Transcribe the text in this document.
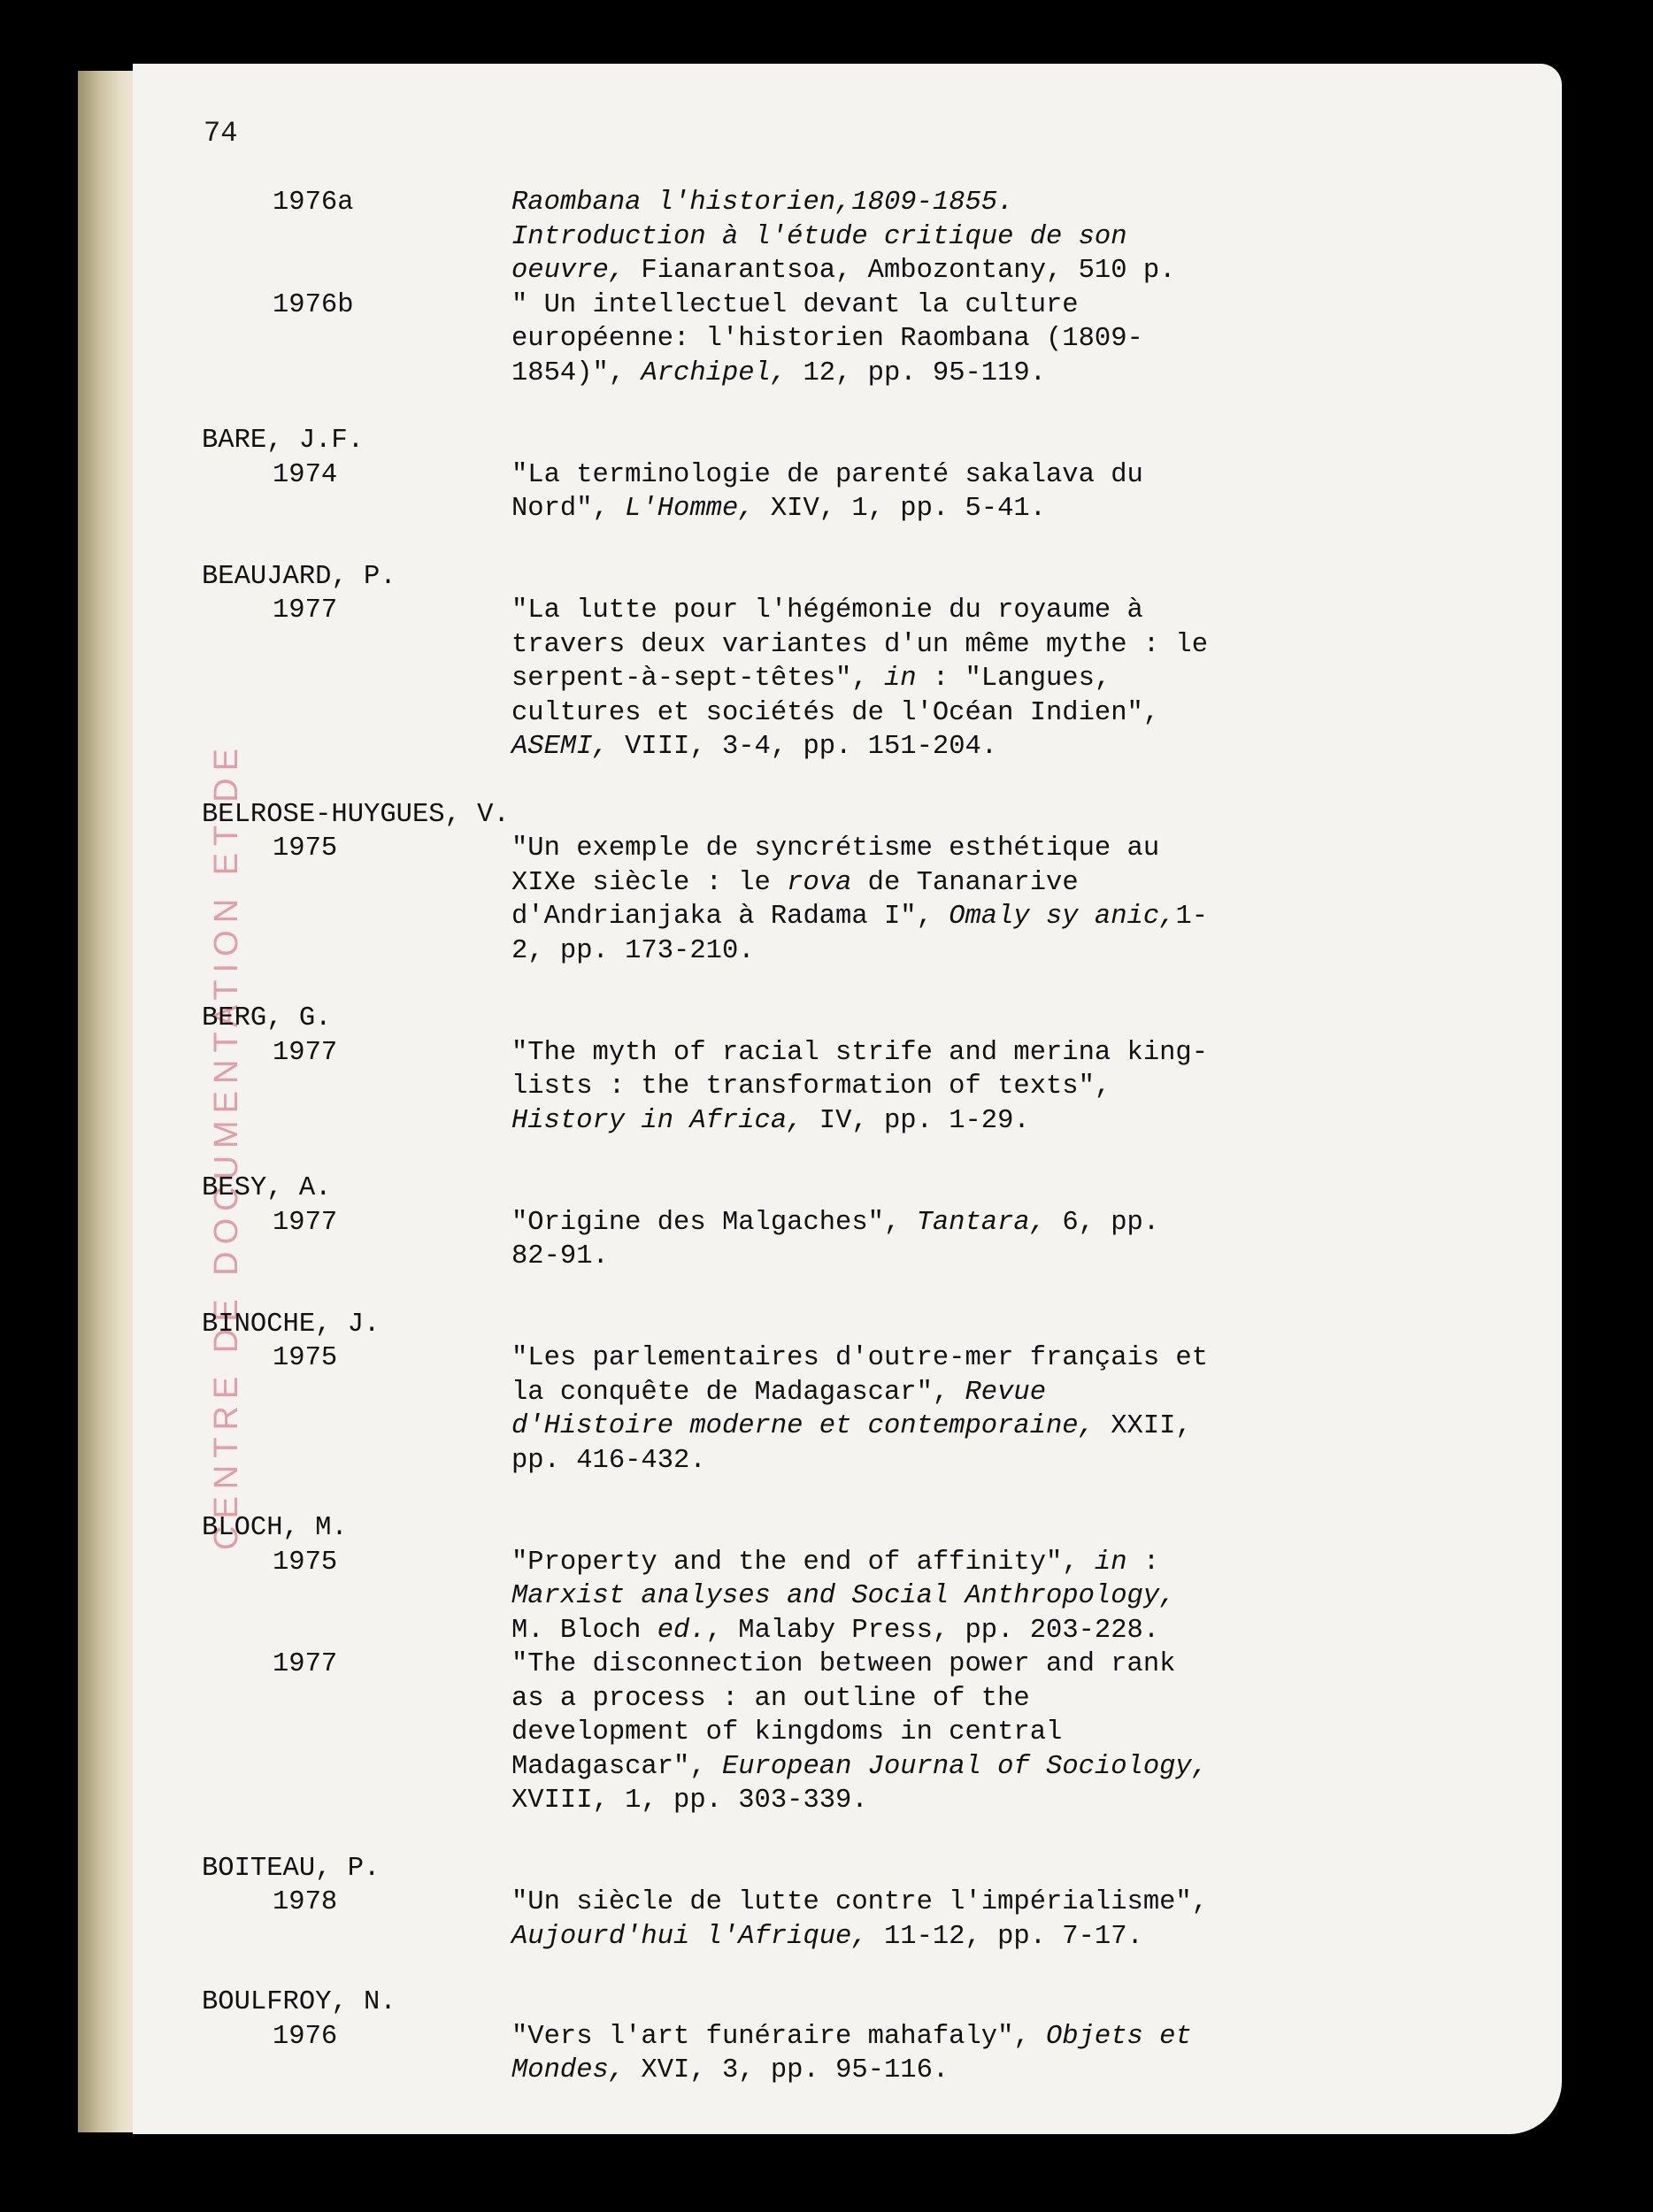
CENTRE DE DOCUMENTATION ET DE
74
1976a	Raombana l'historien,1809-1855. Introduction à l'étude critique de son oeuvre, Fianarantsoa, Ambozontany, 510 p.
1976b	" Un intellectuel devant la culture européenne: l'historien Raombana (1809-1854)", Archipel, 12, pp. 95-119.
BARE, J.F.
1974	"La terminologie de parenté sakalava du Nord", L'Homme, XIV, 1, pp. 5-41.
BEAUJARD, P.
1977	"La lutte pour l'hégémonie du royaume à travers deux variantes d'un même mythe : le serpent-à-sept-têtes", in : "Langues, cultures et sociétés de l'Océan Indien", ASEMI, VIII, 3-4, pp. 151-204.
BELROSE-HUYGUES, V.
1975	"Un exemple de syncrétisme esthétique au XIXe siècle : le rova de Tananarive d'Andrianjaka à Radama I", Omaly sy anic,1-2, pp. 173-210.
BERG, G.
1977	"The myth of racial strife and merina king-lists : the transformation of texts", History in Africa, IV, pp. 1-29.
BESY, A.
1977	"Origine des Malgaches", Tantara, 6, pp. 82-91.
BINOCHE, J.
1975	"Les parlementaires d'outre-mer français et la conquête de Madagascar", Revue d'Histoire moderne et contemporaine, XXII, pp. 416-432.
BLOCH, M.
1975	"Property and the end of affinity", in : Marxist analyses and Social Anthropology, M. Bloch ed., Malaby Press, pp. 203-228.
1977	"The disconnection between power and rank as a process : an outline of the development of kingdoms in central Madagascar", European Journal of Sociology, XVIII, 1, pp. 303-339.
BOITEAU, P.
1978	"Un siècle de lutte contre l'impérialisme", Aujourd'hui l'Afrique, 11-12, pp. 7-17.
BOULFROY, N.
1976	"Vers l'art funéraire mahafaly", Objets et Mondes, XVI, 3, pp. 95-116.
